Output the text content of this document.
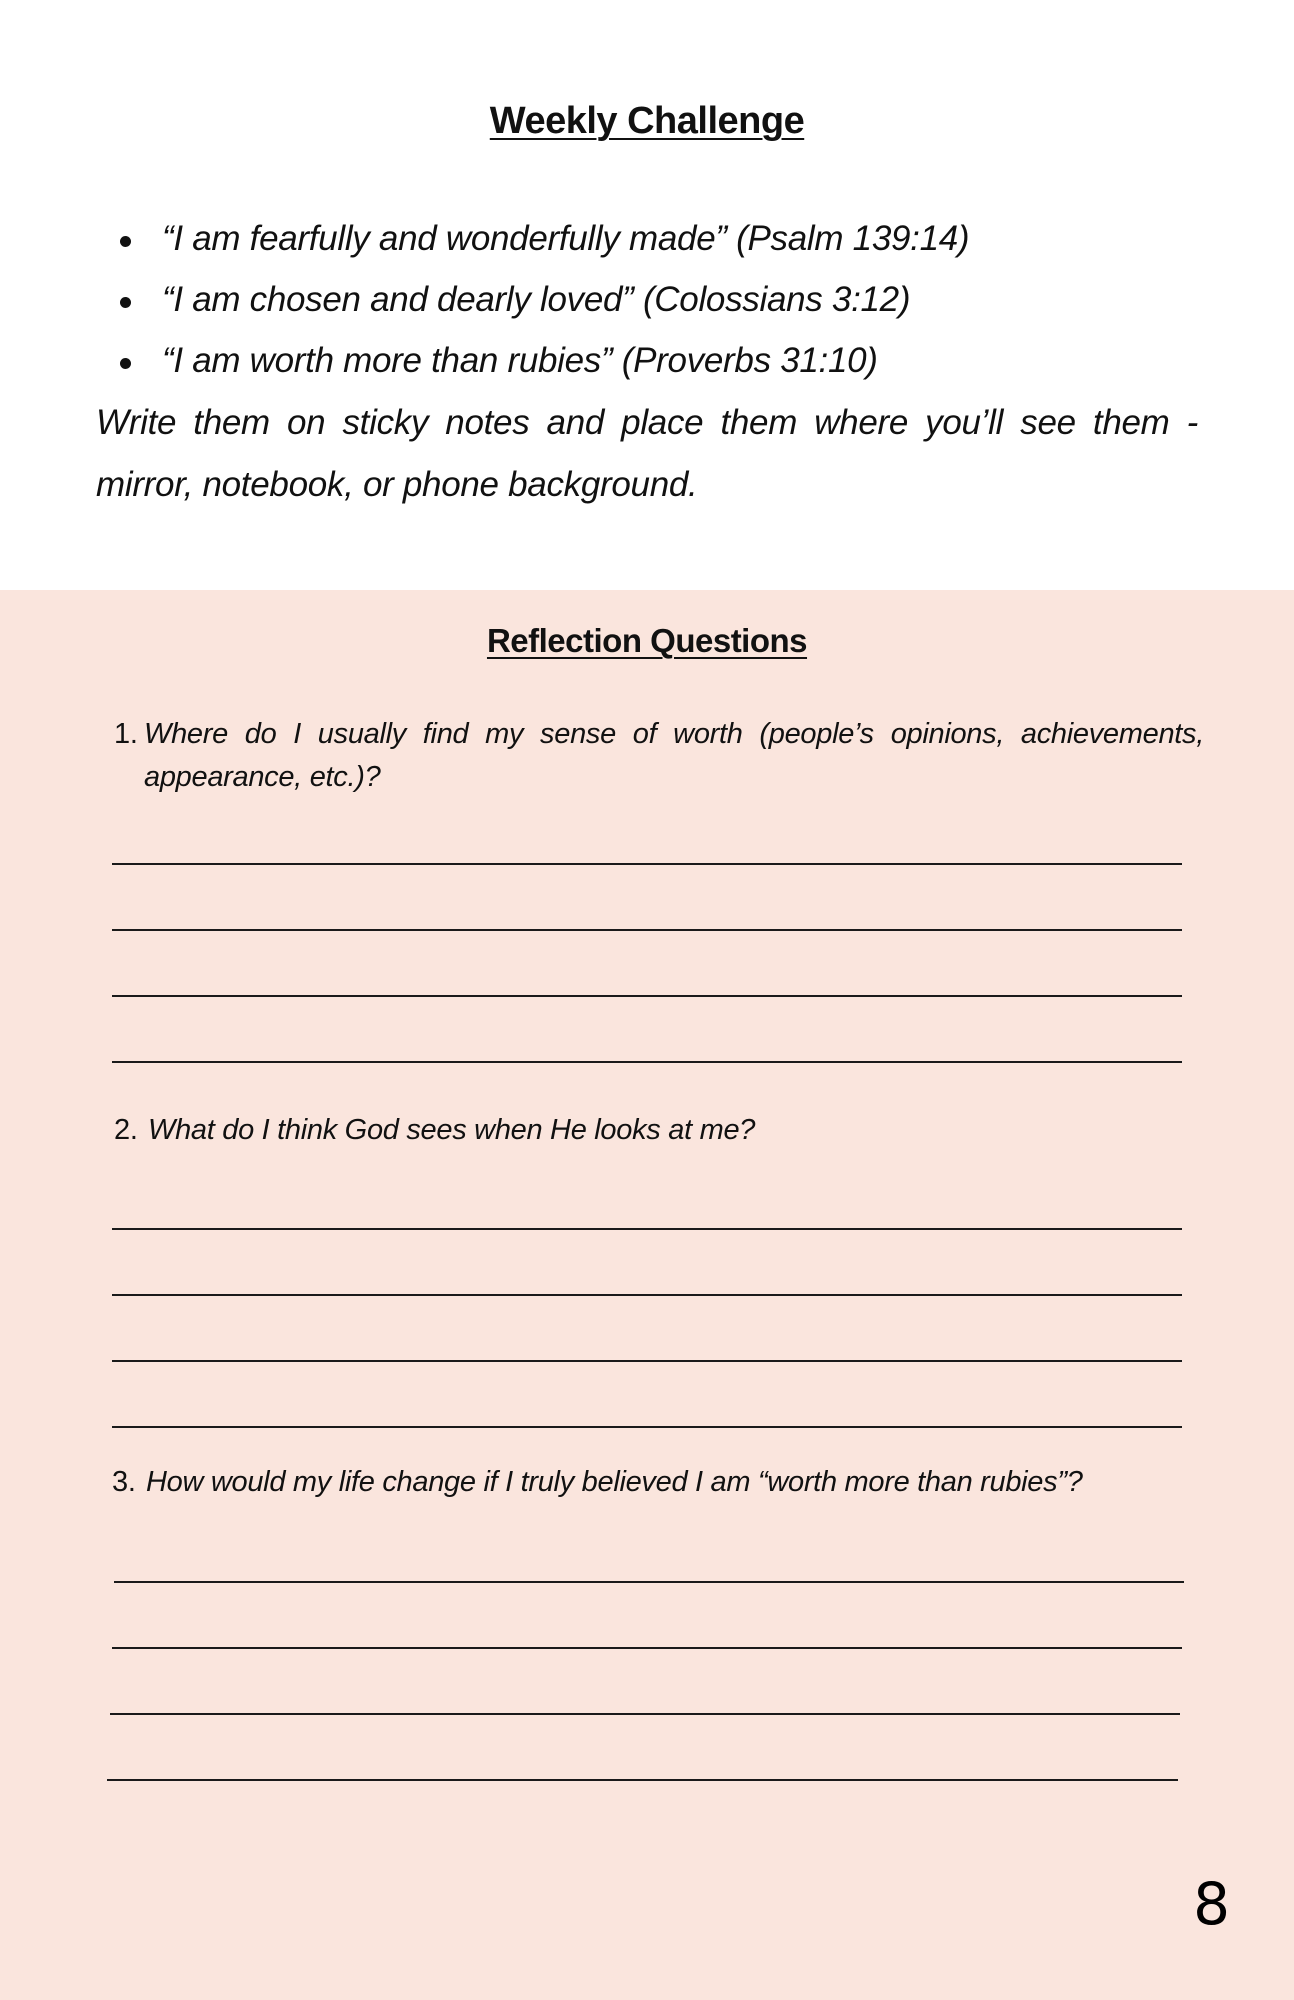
Weekly Challenge
“I am fearfully and wonderfully made” (Psalm 139:14)
“I am chosen and dearly loved” (Colossians 3:12)
“I am worth more than rubies” (Proverbs 31:10)

Write them on sticky notes and place them where you’ll see them - mirror, notebook, or phone background.

Reflection Questions
1. Where do I usually find my sense of worth (people’s opinions, achievements, appearance, etc.)?
2. What do I think God sees when He looks at me?
3. How would my life change if I truly believed I am “worth more than rubies”?
8
